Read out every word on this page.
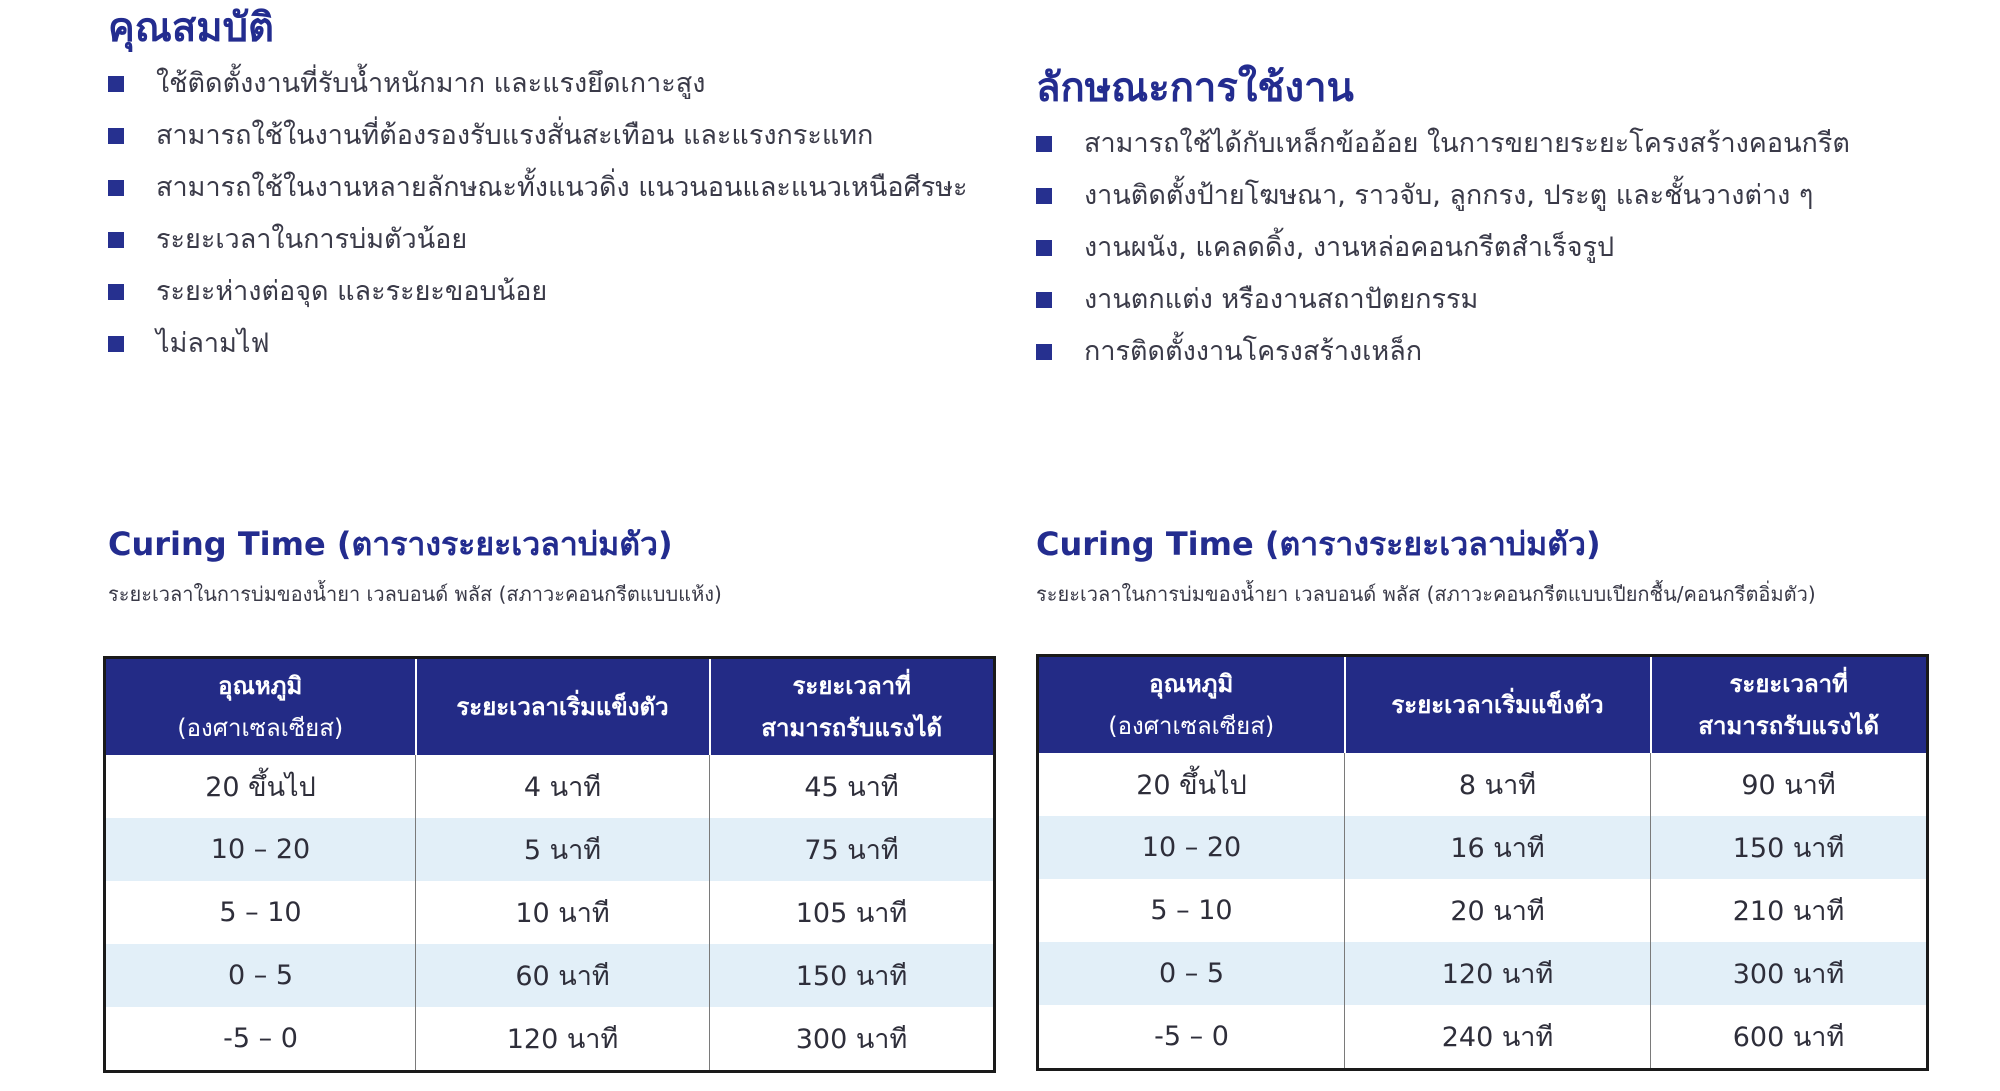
คุณสมบัติ
ใช้ติดตั้งงานที่รับน้ำหนักมาก และแรงยึดเกาะสูง
สามารถใช้ในงานที่ต้องรองรับแรงสั่นสะเทือน และแรงกระแทก
สามารถใช้ในงานหลายลักษณะทั้งแนวดิ่ง แนวนอนและแนวเหนือศีรษะ
ระยะเวลาในการบ่มตัวน้อย
ระยะห่างต่อจุด และระยะขอบน้อย
ไม่ลามไฟ
ลักษณะการใช้งาน
สามารถใช้ได้กับเหล็กข้ออ้อย ในการขยายระยะโครงสร้างคอนกรีต
งานติดตั้งป้ายโฆษณา, ราวจับ, ลูกกรง, ประตู และชั้นวางต่าง ๆ
งานผนัง, แคลดดิ้ง, งานหล่อคอนกรีตสำเร็จรูป
งานตกแต่ง หรืองานสถาปัตยกรรม
การติดตั้งงานโครงสร้างเหล็ก
Curing Time (ตารางระยะเวลาบ่มตัว)

ระยะเวลาในการบ่มของน้ำยา เวลบอนด์ พลัส (สภาวะคอนกรีตแบบแห้ง)

อุณหภูมิ
(องศาเซลเซียส)	ระยะเวลาเริ่มแข็งตัว	ระยะเวลาที่
สามารถรับแรงได้

20 ขึ้นไป	4 นาที	45 นาที
10 – 20	5 นาที	75 นาที
5 – 10	10 นาที	105 นาที
0 – 5	60 นาที	150 นาที
-5 – 0	120 นาที	300 นาที
Curing Time (ตารางระยะเวลาบ่มตัว)

ระยะเวลาในการบ่มของน้ำยา เวลบอนด์ พลัส (สภาวะคอนกรีตแบบเปียกชื้น/คอนกรีตอิ่มตัว)

อุณหภูมิ
(องศาเซลเซียส)	ระยะเวลาเริ่มแข็งตัว	ระยะเวลาที่
สามารถรับแรงได้

20 ขึ้นไป	8 นาที	90 นาที
10 – 20	16 นาที	150 นาที
5 – 10	20 นาที	210 นาที
0 – 5	120 นาที	300 นาที
-5 – 0	240 นาที	600 นาที
